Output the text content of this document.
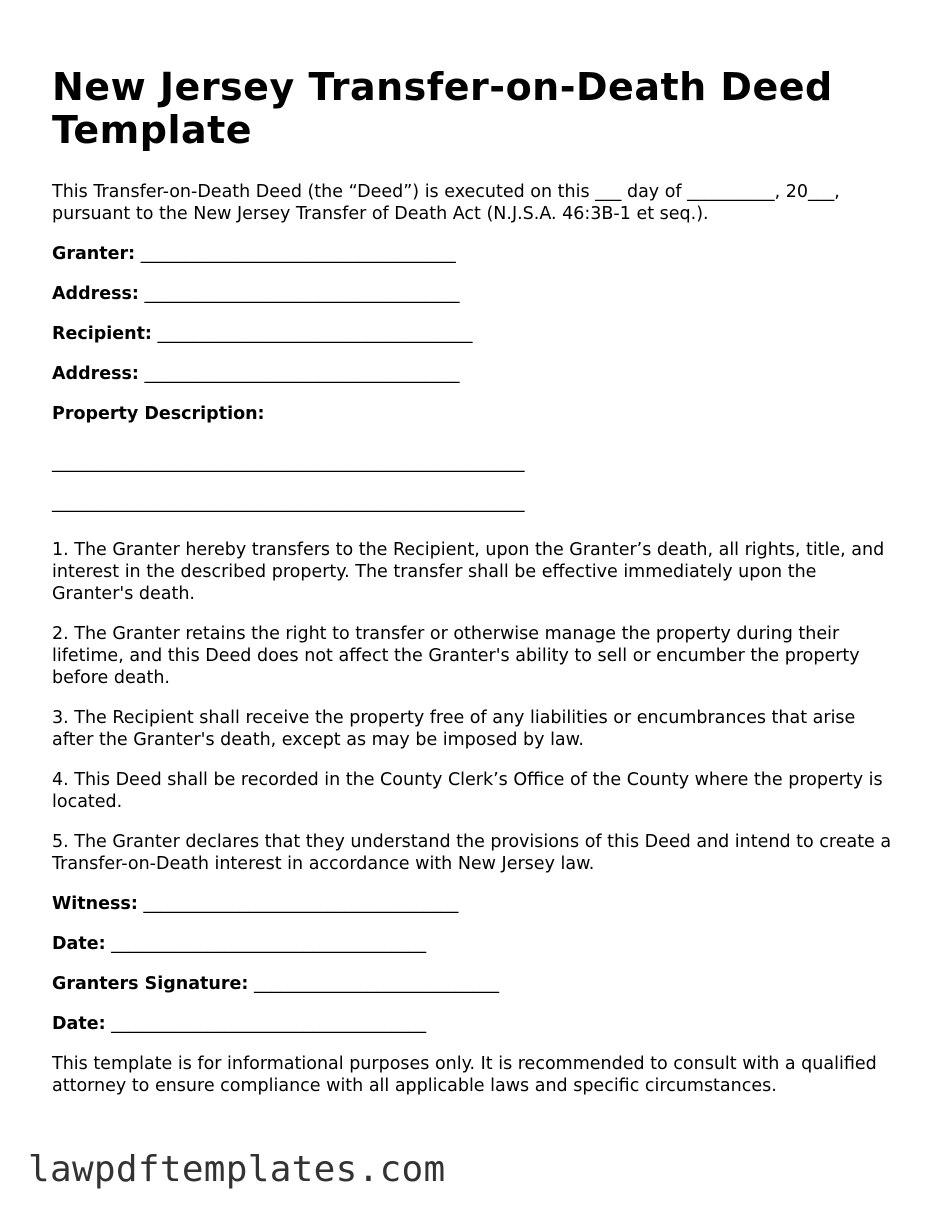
New Jersey Transfer-on-Death Deed Template

This Transfer-on-Death Deed (the “Deed”) is executed on this ___ day of __________, 20___, pursuant to the New Jersey Transfer of Death Act (N.J.S.A. 46:3B-1 et seq.).

Granter: ____________________________________

Address: ____________________________________

Recipient: ____________________________________

Address: ____________________________________

Property Description:

______________________________________________________

______________________________________________________

1. The Granter hereby transfers to the Recipient, upon the Granter’s death, all rights, title, and interest in the described property. The transfer shall be effective immediately upon the Granter's death.

2. The Granter retains the right to transfer or otherwise manage the property during their lifetime, and this Deed does not affect the Granter's ability to sell or encumber the property before death.

3. The Recipient shall receive the property free of any liabilities or encumbrances that arise after the Granter's death, except as may be imposed by law.

4. This Deed shall be recorded in the County Clerk’s Office of the County where the property is located.

5. The Granter declares that they understand the provisions of this Deed and intend to create a Transfer-on-Death interest in accordance with New Jersey law.

Witness: ____________________________________

Date: ____________________________________

Granters Signature: ____________________________

Date: ____________________________________

This template is for informational purposes only. It is recommended to consult with a qualified attorney to ensure compliance with all applicable laws and specific circumstances.

lawpdftemplates.com
